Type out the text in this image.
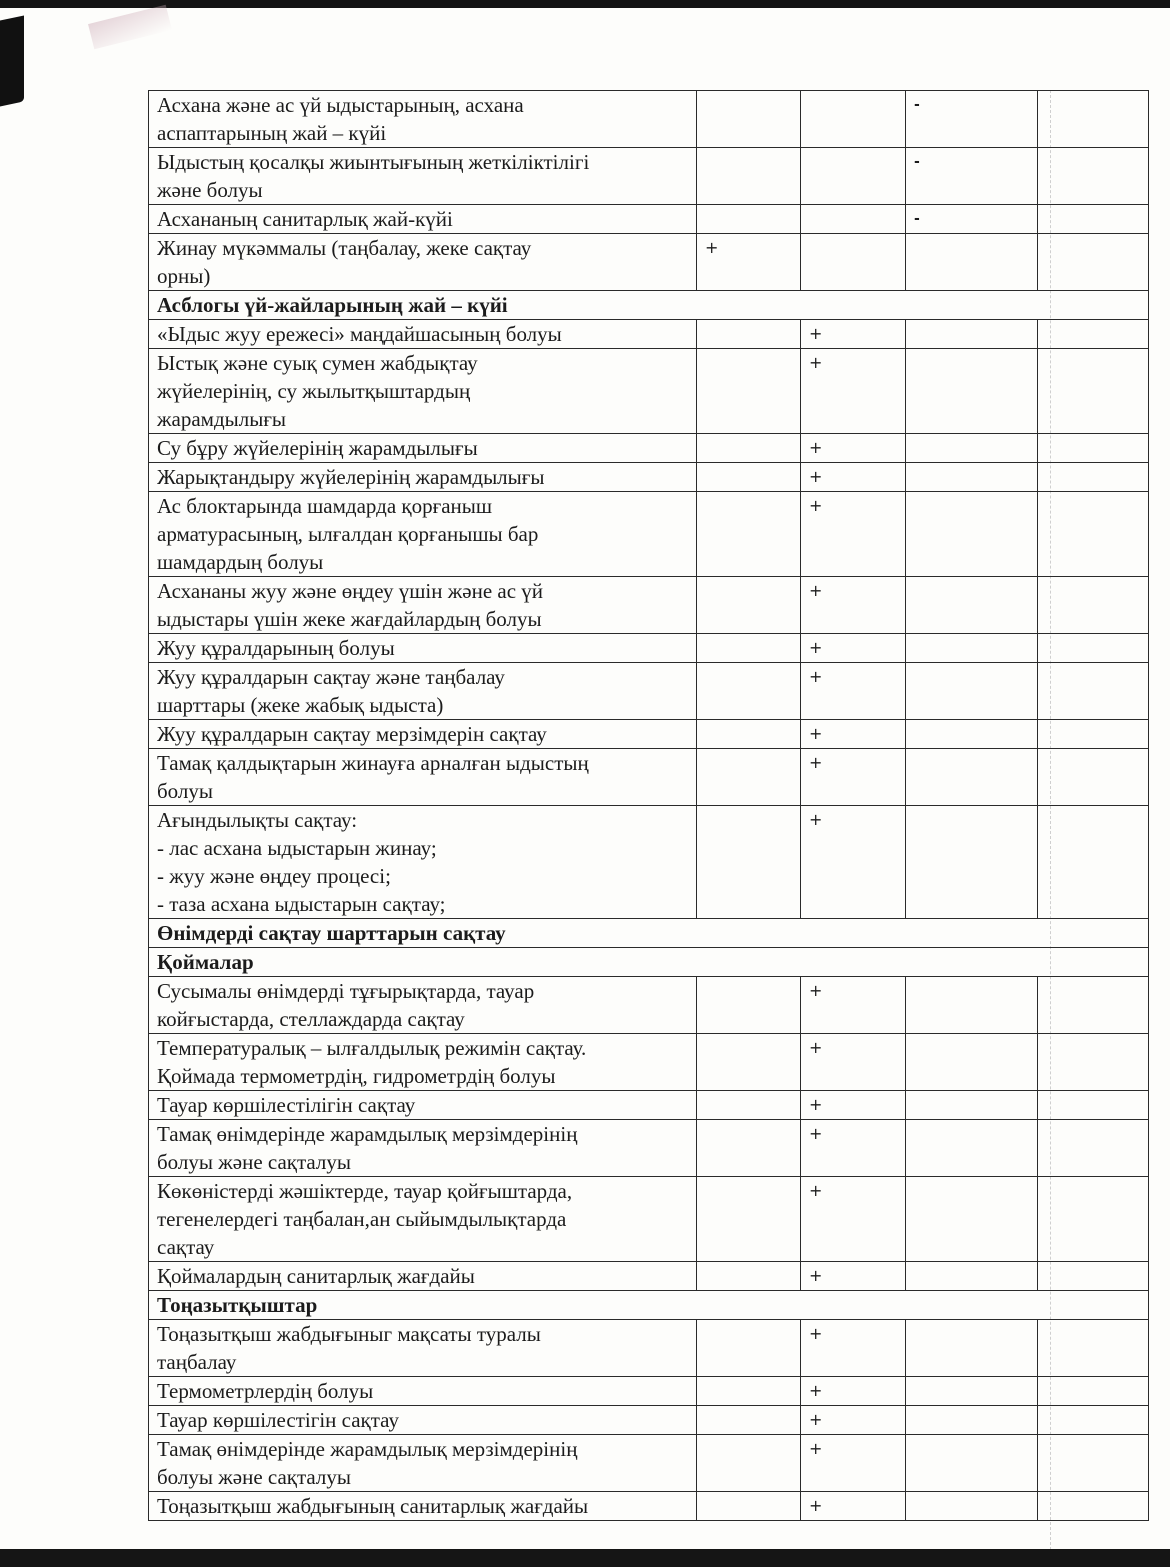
Асхана және ас үй ыдыстарының, асхана
аспаптарының жай – күйі			-	
Ыдыстың қосалқы жиынтығының жеткіліктілігі
және болуы			-	
Асхананың санитарлық жай-күйі			-	
Жинау мүкәммалы (таңбалау, жеке сақтау
орны)	+			
Асблогы үй-жайларының жай – күйі				
«Ыдыс жуу ережесі» маңдайшасының болуы		+		
Ыстық және суық сумен жабдықтау
жүйелерінің, су жылытқыштардың
жарамдылығы		+		
Су бұру жүйелерінің жарамдылығы		+		
Жарықтандыру жүйелерінің жарамдылығы		+		
Ас блоктарында шамдарда қорғаныш
арматурасының, ылғалдан қорғанышы бар
шамдардың болуы		+		
Асхананы жуу және өңдеу үшін және ас үй
ыдыстары үшін жеке жағдайлардың болуы		+		
Жуу құралдарының болуы		+		
Жуу құралдарын сақтау және таңбалау
шарттары (жеке жабық ыдыста)		+		
Жуу құралдарын сақтау мерзімдерін сақтау		+		
Тамақ қалдықтарын жинауға арналған ыдыстың
болуы		+		
Ағындылықты сақтау:
- лас асхана ыдыстарын жинау;
- жуу және өңдеу процесі;
- таза асхана ыдыстарын сақтау;		+		
Өнімдерді сақтау шарттарын сақтау				
Қоймалар				
Сусымалы өнімдерді тұғырықтарда, тауар
койғыстарда, стеллаждарда сақтау		+		
Температуралық – ылғалдылық режимін сақтау.
Қоймада термометрдің, гидрометрдің болуы		+		
Тауар көршілестілігін сақтау		+		
Тамақ өнімдерінде жарамдылық мерзімдерінің
болуы және сақталуы		+		
Көкөністерді жәшіктерде, тауар қойғыштарда,
тегенелердегі таңбалан,ан сыйымдылықтарда
сақтау		+		
Қоймалардың санитарлық жағдайы		+		
Тоңазытқыштар				
Тоңазытқыш жабдығыныг мақсаты туралы
таңбалау		+		
Термометрлердің болуы		+		
Тауар көршілестігін сақтау		+		
Тамақ өнімдерінде жарамдылық мерзімдерінің
болуы және сақталуы		+		
Тоңазытқыш жабдығының санитарлық жағдайы		+		
